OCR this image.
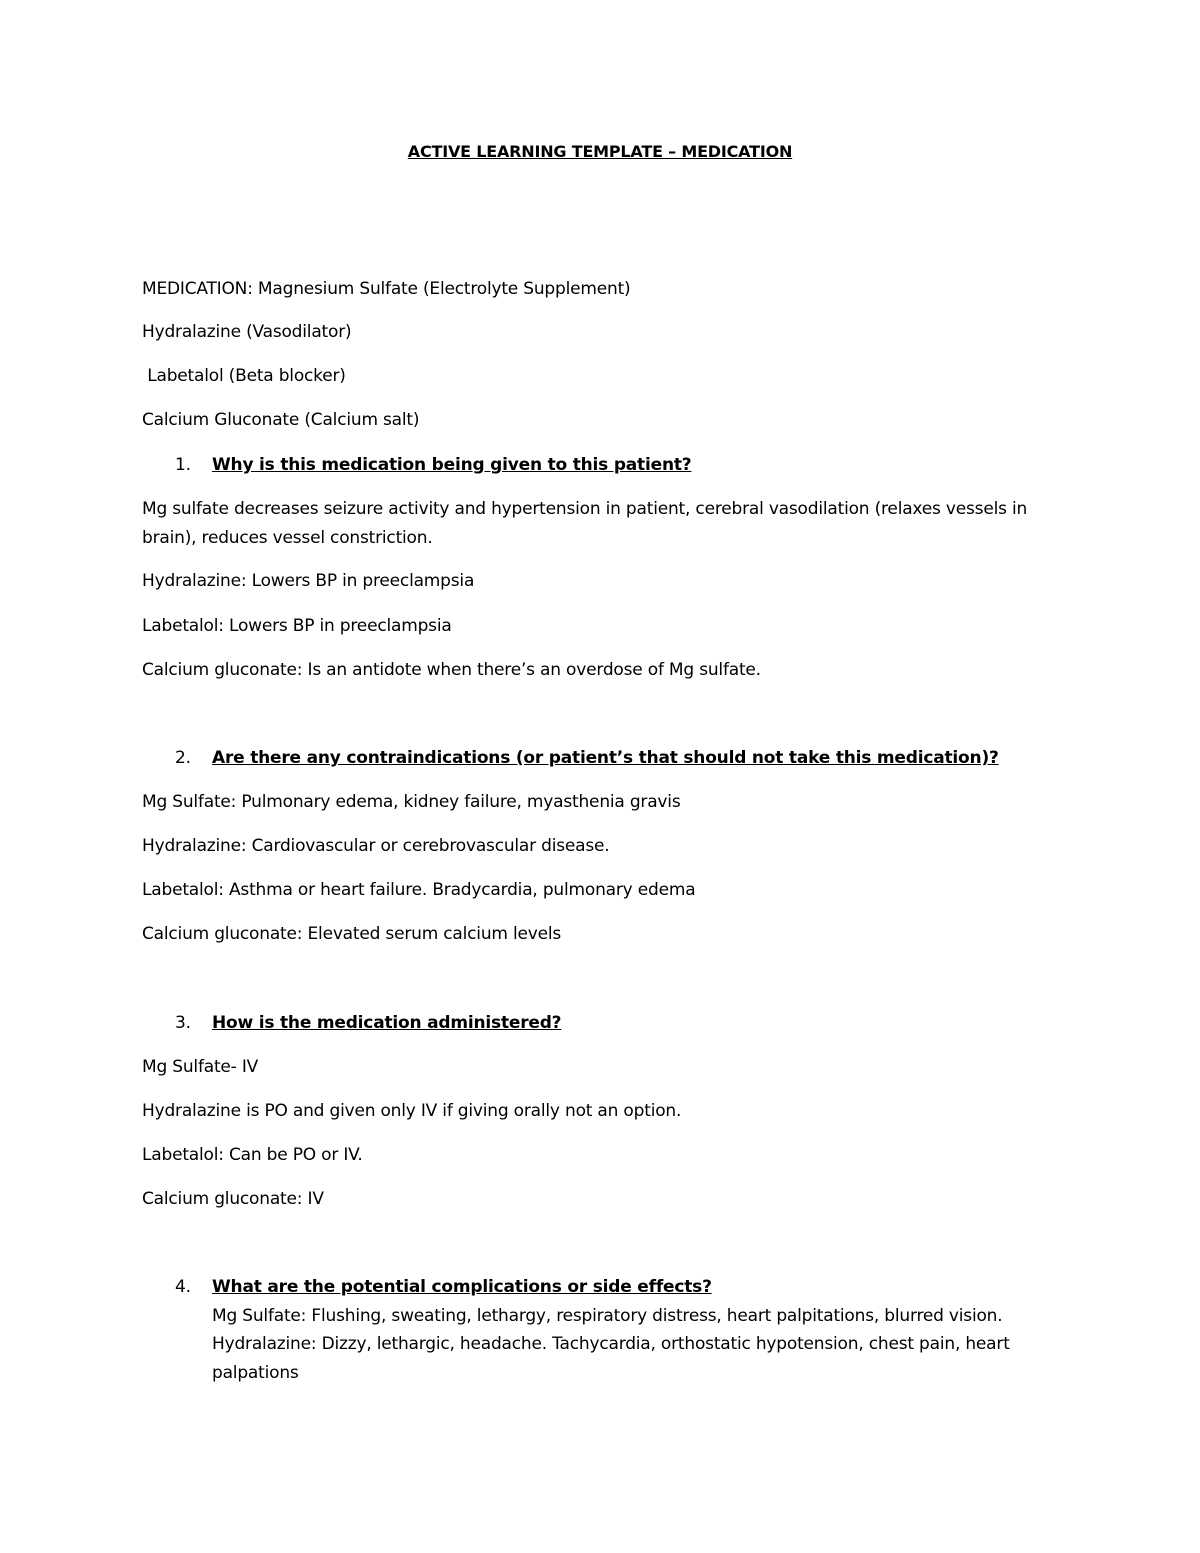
ACTIVE LEARNING TEMPLATE – MEDICATION
MEDICATION: Magnesium Sulfate (Electrolyte Supplement)
Hydralazine (Vasodilator)
Labetalol (Beta blocker)
Calcium Gluconate (Calcium salt)
1. Why is this medication being given to this patient?
Mg sulfate decreases seizure activity and hypertension in patient, cerebral vasodilation (relaxes vessels in
brain), reduces vessel constriction.
Hydralazine: Lowers BP in preeclampsia
Labetalol: Lowers BP in preeclampsia
Calcium gluconate: Is an antidote when there’s an overdose of Mg sulfate.
2. Are there any contraindications (or patient’s that should not take this medication)?
Mg Sulfate: Pulmonary edema, kidney failure, myasthenia gravis
Hydralazine: Cardiovascular or cerebrovascular disease.
Labetalol: Asthma or heart failure. Bradycardia, pulmonary edema
Calcium gluconate: Elevated serum calcium levels
3. How is the medication administered?
Mg Sulfate- IV
Hydralazine is PO and given only IV if giving orally not an option.
Labetalol: Can be PO or IV.
Calcium gluconate: IV
4. What are the potential complications or side effects?
Mg Sulfate: Flushing, sweating, lethargy, respiratory distress, heart palpitations, blurred vision.
Hydralazine: Dizzy, lethargic, headache. Tachycardia, orthostatic hypotension, chest pain, heart
palpations
